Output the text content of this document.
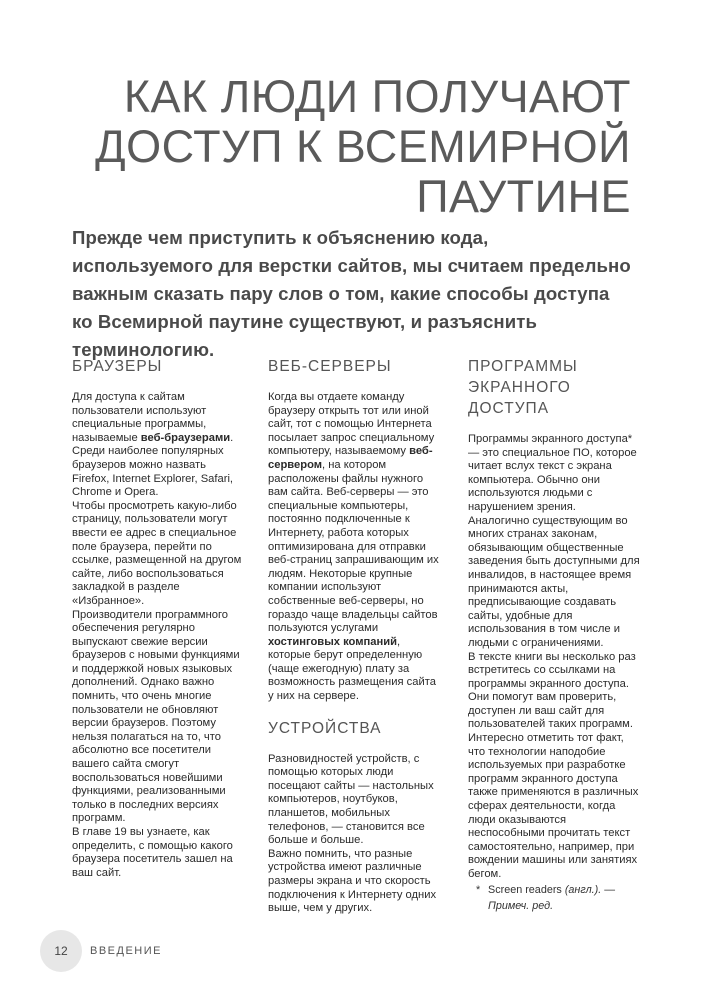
КАК ЛЮДИ ПОЛУЧАЮТ
ДОСТУП К ВСЕМИРНОЙ
ПАУТИНЕ

Прежде чем приступить к объяснению кода, используемого для верстки сайтов, мы считаем предельно важным сказать пару слов о том, какие способы доступа ко Всемирной паутине существуют, и разъяснить терминологию.

БРАУЗЕРЫ

Для доступа к сайтам пользователи используют специальные программы, называемые веб-браузерами. Среди наиболее популярных браузеров можно назвать Firefox, Internet Explorer, Safari, Chrome и Opera.

Чтобы просмотреть какую-либо страницу, пользователи могут ввести ее адрес в специальное поле браузера, перейти по ссылке, размещенной на другом сайте, либо воспользоваться закладкой в разделе «Избранное».

Производители программного обеспечения регулярно выпускают свежие версии браузеров с новыми функциями и поддержкой новых языковых дополнений. Однако важно помнить, что очень многие пользователи не обновляют версии браузеров. Поэтому нельзя полагаться на то, что абсолютно все посетители вашего сайта смогут воспользоваться новейшими функциями, реализованными только в последних версиях программ.

В главе 19 вы узнаете, как определить, с помощью какого браузера посетитель зашел на ваш сайт.

ВЕБ-СЕРВЕРЫ

Когда вы отдаете команду браузеру открыть тот или иной сайт, тот с помощью Интернета посылает запрос специальному компьютеру, называемому веб-сервером, на котором расположены файлы нужного вам сайта. Веб-серверы — это специальные компьютеры, постоянно подключенные к Интернету, работа которых оптимизирована для отправки веб-страниц запрашивающим их людям. Некоторые крупные компании используют собственные веб-серверы, но гораздо чаще владельцы сайтов пользуются услугами хостинговых компаний, которые берут определенную (чаще ежегодную) плату за возможность размещения сайта у них на сервере.

УСТРОЙСТВА

Разновидностей устройств, с помощью которых люди посещают сайты — настольных компьютеров, ноутбуков, планшетов, мобильных телефонов, — становится все больше и больше.

Важно помнить, что разные устройства имеют различные размеры экрана и что скорость подключения к Интернету одних выше, чем у других.

ПРОГРАММЫ
ЭКРАННОГО
ДОСТУПА

Программы экранного доступа* — это специальное ПО, которое читает вслух текст с экрана компьютера. Обычно они используются людьми с нарушением зрения.

Аналогично существующим во многих странах законам, обязывающим общественные заведения быть доступными для инвалидов, в настоящее время принимаются акты, предписывающие создавать сайты, удобные для использования в том числе и людьми с ограничениями.

В тексте книги вы несколько раз встретитесь со ссылками на программы экранного доступа. Они помогут вам проверить, доступен ли ваш сайт для пользователей таких программ.

Интересно отметить тот факт, что технологии наподобие используемых при разработке программ экранного доступа также применяются в различных сферах деятельности, когда люди оказываются неспособными прочитать текст самостоятельно, например, при вождении машины или занятиях бегом.

* Screen readers (англ.). —
Примеч. ред.
12	ВВЕДЕНИЕ
